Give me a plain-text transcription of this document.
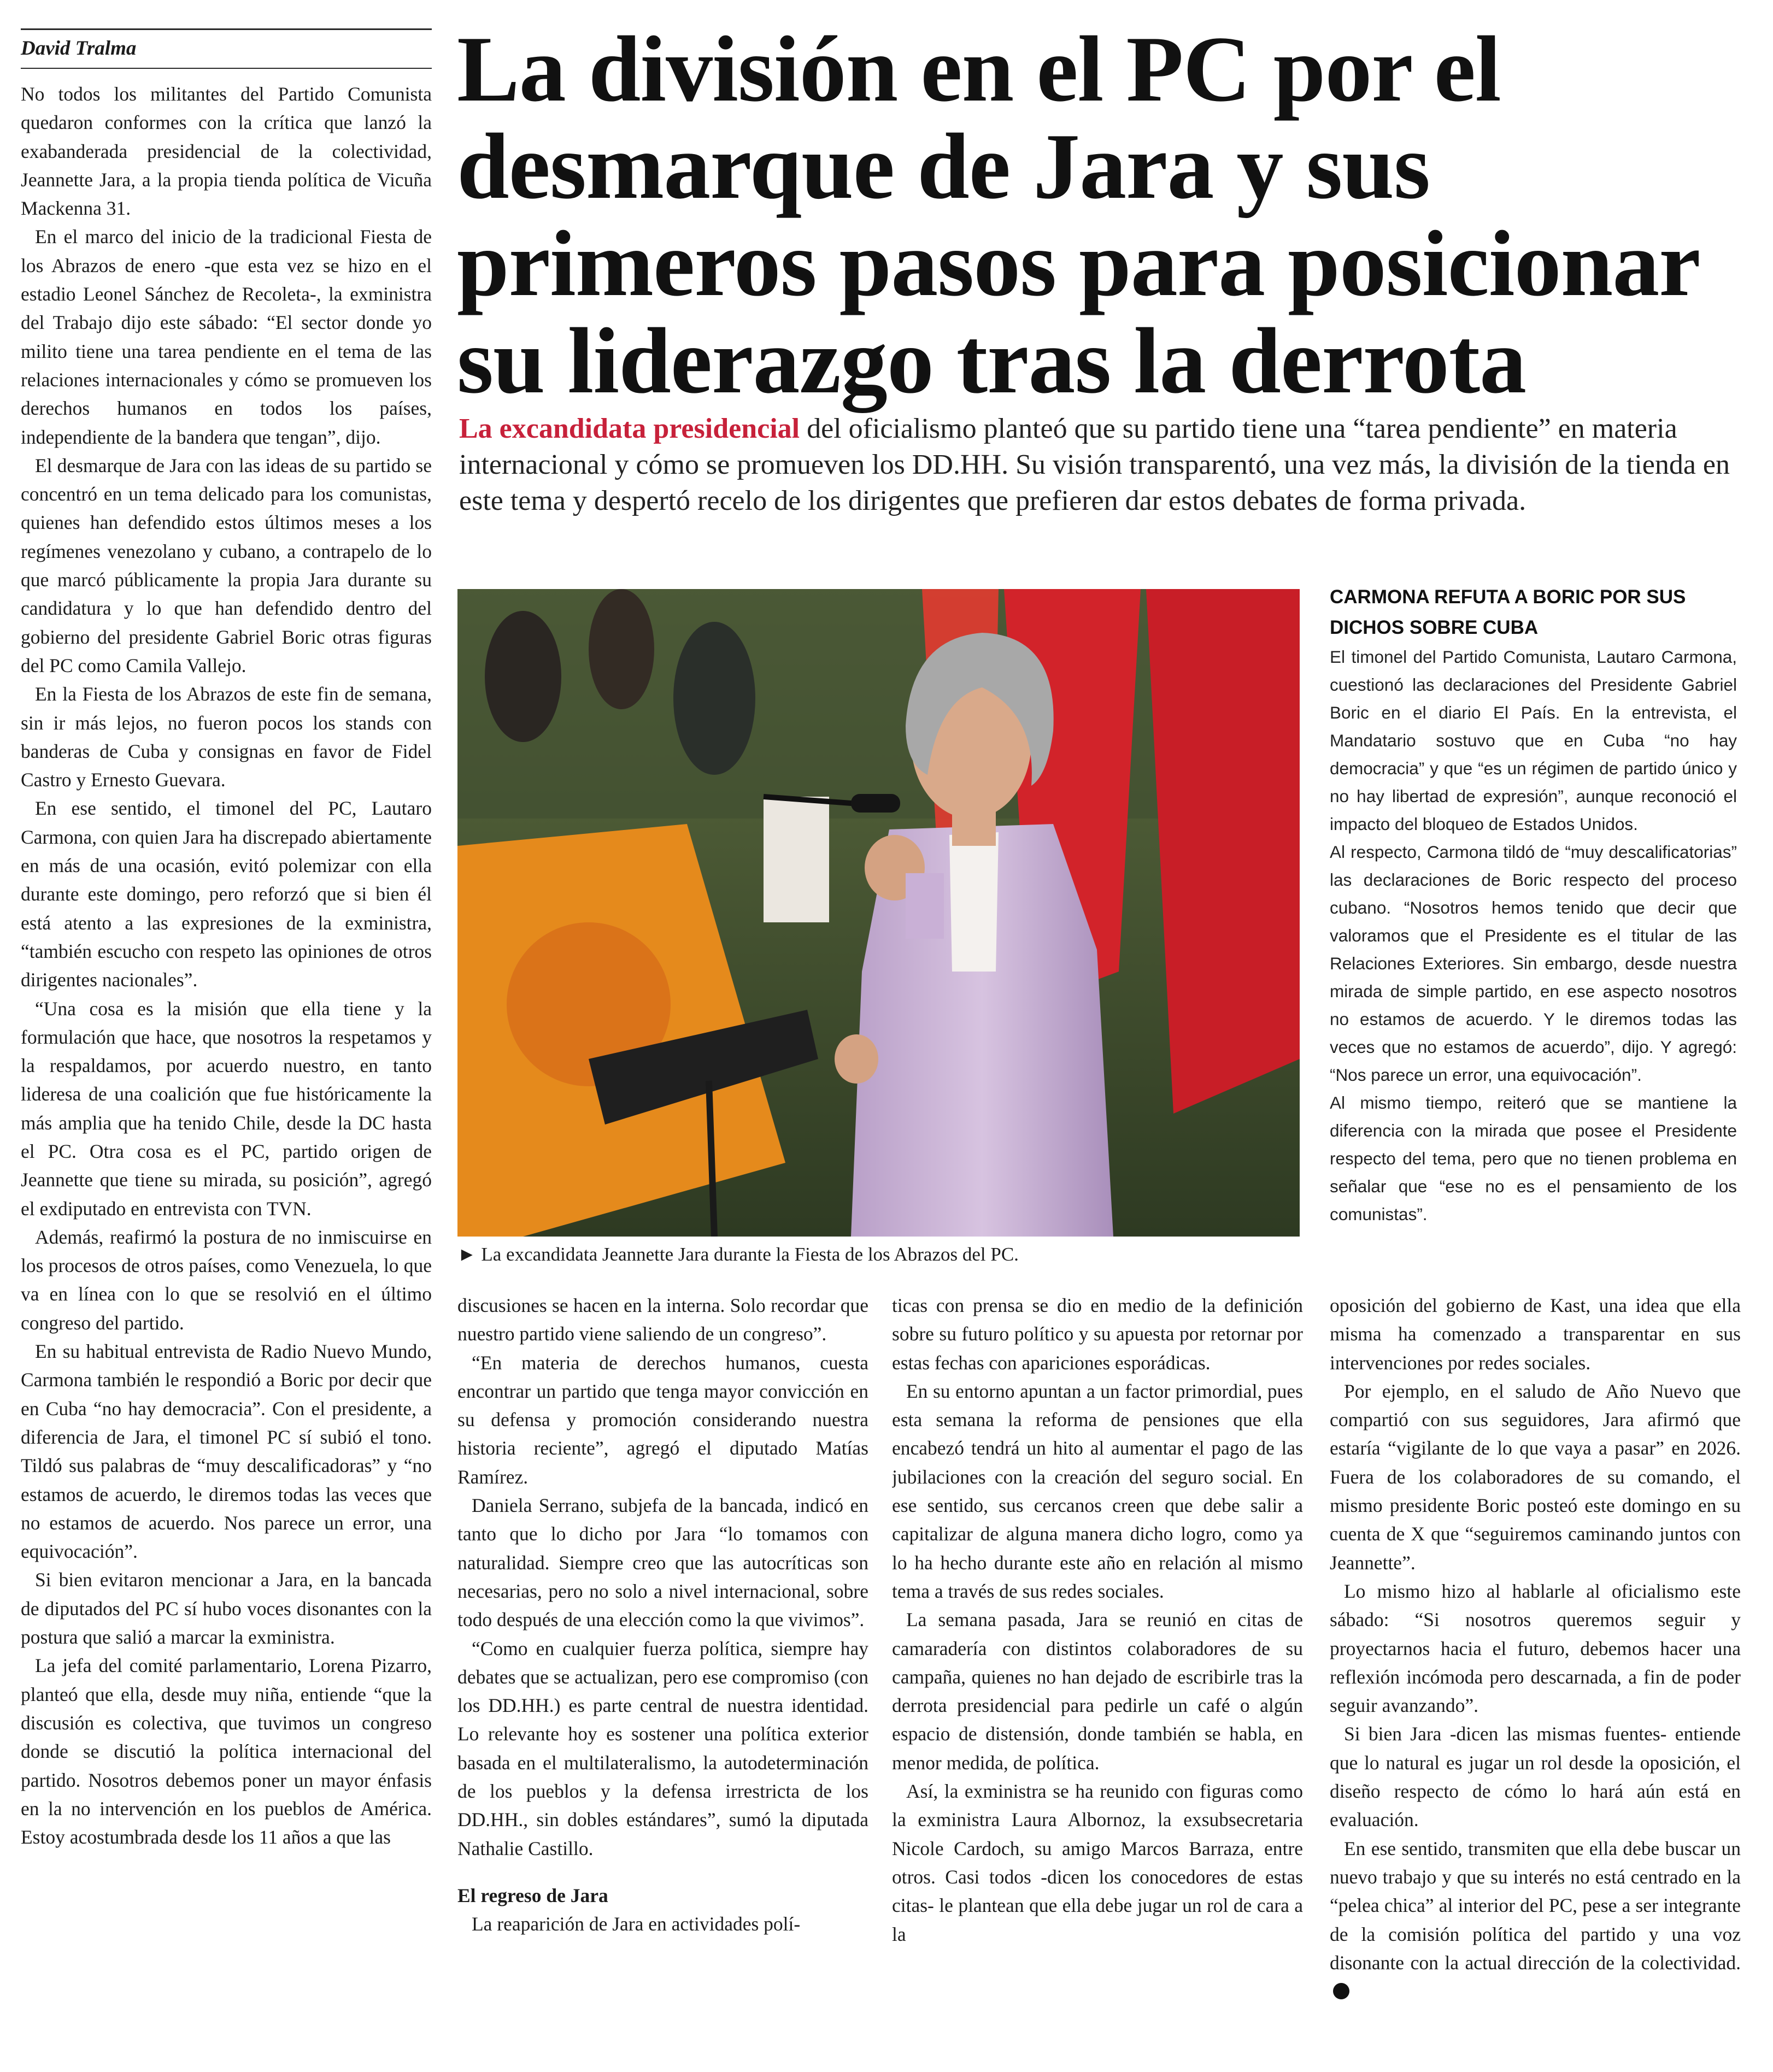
David Tralma	La división en el PC por el desmarque de Jara y sus primeros pasos para posicionar su liderazgo tras la derrota
La excandidata presidencial del oficialismo planteó que su partido tiene una “tarea pendiente” en materia internacional y cómo se promueven los DD.HH. Su visión transparentó, una vez más, la división de la tienda en este tema y despertó recelo de los dirigentes que prefieren dar estos debates de forma privada.

No todos los militantes del Partido Comunista quedaron conformes con la crítica que lanzó la exabanderada presidencial de la colectividad, Jeannette Jara, a la propia tienda política de Vicuña Mackenna 31.

En el marco del inicio de la tradicional Fiesta de los Abrazos de enero -que esta vez se hizo en el estadio Leonel Sánchez de Recoleta-, la exministra del Trabajo dijo este sábado: “El sector donde yo milito tiene una tarea pendiente en el tema de las relaciones internacionales y cómo se promueven los derechos humanos en todos los países, independiente de la bandera que tengan”, dijo.

El desmarque de Jara con las ideas de su partido se concentró en un tema delicado para los comunistas, quienes han defendido estos últimos meses a los regímenes venezolano y cubano, a contrapelo de lo que marcó públicamente la propia Jara durante su candidatura y lo que han defendido dentro del gobierno del presidente Gabriel Boric otras figuras del PC como Camila Vallejo.

En la Fiesta de los Abrazos de este fin de semana, sin ir más lejos, no fueron pocos los stands con banderas de Cuba y consignas en favor de Fidel Castro y Ernesto Guevara.

En ese sentido, el timonel del PC, Lautaro Carmona, con quien Jara ha discrepado abiertamente en más de una ocasión, evitó polemizar con ella durante este domingo, pero reforzó que si bien él está atento a las expresiones de la exministra, “también escucho con respeto las opiniones de otros dirigentes nacionales”.

“Una cosa es la misión que ella tiene y la formulación que hace, que nosotros la respetamos y la respaldamos, por acuerdo nuestro, en tanto lideresa de una coalición que fue históricamente la más amplia que ha tenido Chile, desde la DC hasta el PC. Otra cosa es el PC, partido origen de Jeannette que tiene su mirada, su posición”, agregó el exdiputado en entrevista con TVN.

Además, reafirmó la postura de no inmiscuirse en los procesos de otros países, como Venezuela, lo que va en línea con lo que se resolvió en el último congreso del partido.

En su habitual entrevista de Radio Nuevo Mundo, Carmona también le respondió a Boric por decir que en Cuba “no hay democracia”. Con el presidente, a diferencia de Jara, el timonel PC sí subió el tono. Tildó sus palabras de “muy descalificadoras” y “no estamos de acuerdo, le diremos todas las veces que no estamos de acuerdo. Nos parece un error, una equivocación”.

Si bien evitaron mencionar a Jara, en la bancada de diputados del PC sí hubo voces disonantes con la postura que salió a marcar la exministra.

La jefa del comité parlamentario, Lorena Pizarro, planteó que ella, desde muy niña, entiende “que la discusión es colectiva, que tuvimos un congreso donde se discutió la política internacional del partido. Nosotros debemos poner un mayor énfasis en la no intervención en los pueblos de América. Estoy acostumbrada desde los 11 años a que las

► La excandidata Jeannette Jara durante la Fiesta de los Abrazos del PC.
CARMONA REFUTA A BORIC POR SUS DICHOS SOBRE CUBA

El timonel del Partido Comunista, Lautaro Carmona, cuestionó las declaraciones del Presidente Gabriel Boric en el diario El País. En la entrevista, el Mandatario sostuvo que en Cuba “no hay democracia” y que “es un régimen de partido único y no hay libertad de expresión”, aunque reconoció el impacto del bloqueo de Estados Unidos.

Al respecto, Carmona tildó de “muy descalificatorias” las declaraciones de Boric respecto del proceso cubano. “Nosotros hemos tenido que decir que valoramos que el Presidente es el titular de las Relaciones Exteriores. Sin embargo, desde nuestra mirada de simple partido, en ese aspecto nosotros no estamos de acuerdo. Y le diremos todas las veces que no estamos de acuerdo”, dijo. Y agregó: “Nos parece un error, una equivocación”.

Al mismo tiempo, reiteró que se mantiene la diferencia con la mirada que posee el Presidente respecto del tema, pero que no tienen problema en señalar que “ese no es el pensamiento de los comunistas”.

discusiones se hacen en la interna. Solo recordar que nuestro partido viene saliendo de un congreso”.

“En materia de derechos humanos, cuesta encontrar un partido que tenga mayor convicción en su defensa y promoción considerando nuestra historia reciente”, agregó el diputado Matías Ramírez.

Daniela Serrano, subjefa de la bancada, indicó en tanto que lo dicho por Jara “lo tomamos con naturalidad. Siempre creo que las autocríticas son necesarias, pero no solo a nivel internacional, sobre todo después de una elección como la que vivimos”.

“Como en cualquier fuerza política, siempre hay debates que se actualizan, pero ese compromiso (con los DD.HH.) es parte central de nuestra identidad. Lo relevante hoy es sostener una política exterior basada en el multilateralismo, la autodeterminación de los pueblos y la defensa irrestricta de los DD.HH., sin dobles estándares”, sumó la diputada Nathalie Castillo.

El regreso de Jara

La reaparición de Jara en actividades polí-

ticas con prensa se dio en medio de la definición sobre su futuro político y su apuesta por retornar por estas fechas con apariciones esporádicas.

En su entorno apuntan a un factor primordial, pues esta semana la reforma de pensiones que ella encabezó tendrá un hito al aumentar el pago de las jubilaciones con la creación del seguro social. En ese sentido, sus cercanos creen que debe salir a capitalizar de alguna manera dicho logro, como ya lo ha hecho durante este año en relación al mismo tema a través de sus redes sociales.

La semana pasada, Jara se reunió en citas de camaradería con distintos colaboradores de su campaña, quienes no han dejado de escribirle tras la derrota presidencial para pedirle un café o algún espacio de distensión, donde también se habla, en menor medida, de política.

Así, la exministra se ha reunido con figuras como la exministra Laura Albornoz, la exsubsecretaria Nicole Cardoch, su amigo Marcos Barraza, entre otros. Casi todos -dicen los conocedores de estas citas- le plantean que ella debe jugar un rol de cara a la

oposición del gobierno de Kast, una idea que ella misma ha comenzado a transparentar en sus intervenciones por redes sociales.

Por ejemplo, en el saludo de Año Nuevo que compartió con sus seguidores, Jara afirmó que estaría “vigilante de lo que vaya a pasar” en 2026. Fuera de los colaboradores de su comando, el mismo presidente Boric posteó este domingo en su cuenta de X que “seguiremos caminando juntos con Jeannette”.

Lo mismo hizo al hablarle al oficialismo este sábado: “Si nosotros queremos seguir y proyectarnos hacia el futuro, debemos hacer una reflexión incómoda pero descarnada, a fin de poder seguir avanzando”.

Si bien Jara -dicen las mismas fuentes- entiende que lo natural es jugar un rol desde la oposición, el diseño respecto de cómo lo hará aún está en evaluación.

En ese sentido, transmiten que ella debe buscar un nuevo trabajo y que su interés no está centrado en la “pelea chica” al interior del PC, pese a ser integrante de la comisión política del partido y una voz disonante con la actual dirección de la colectividad.
